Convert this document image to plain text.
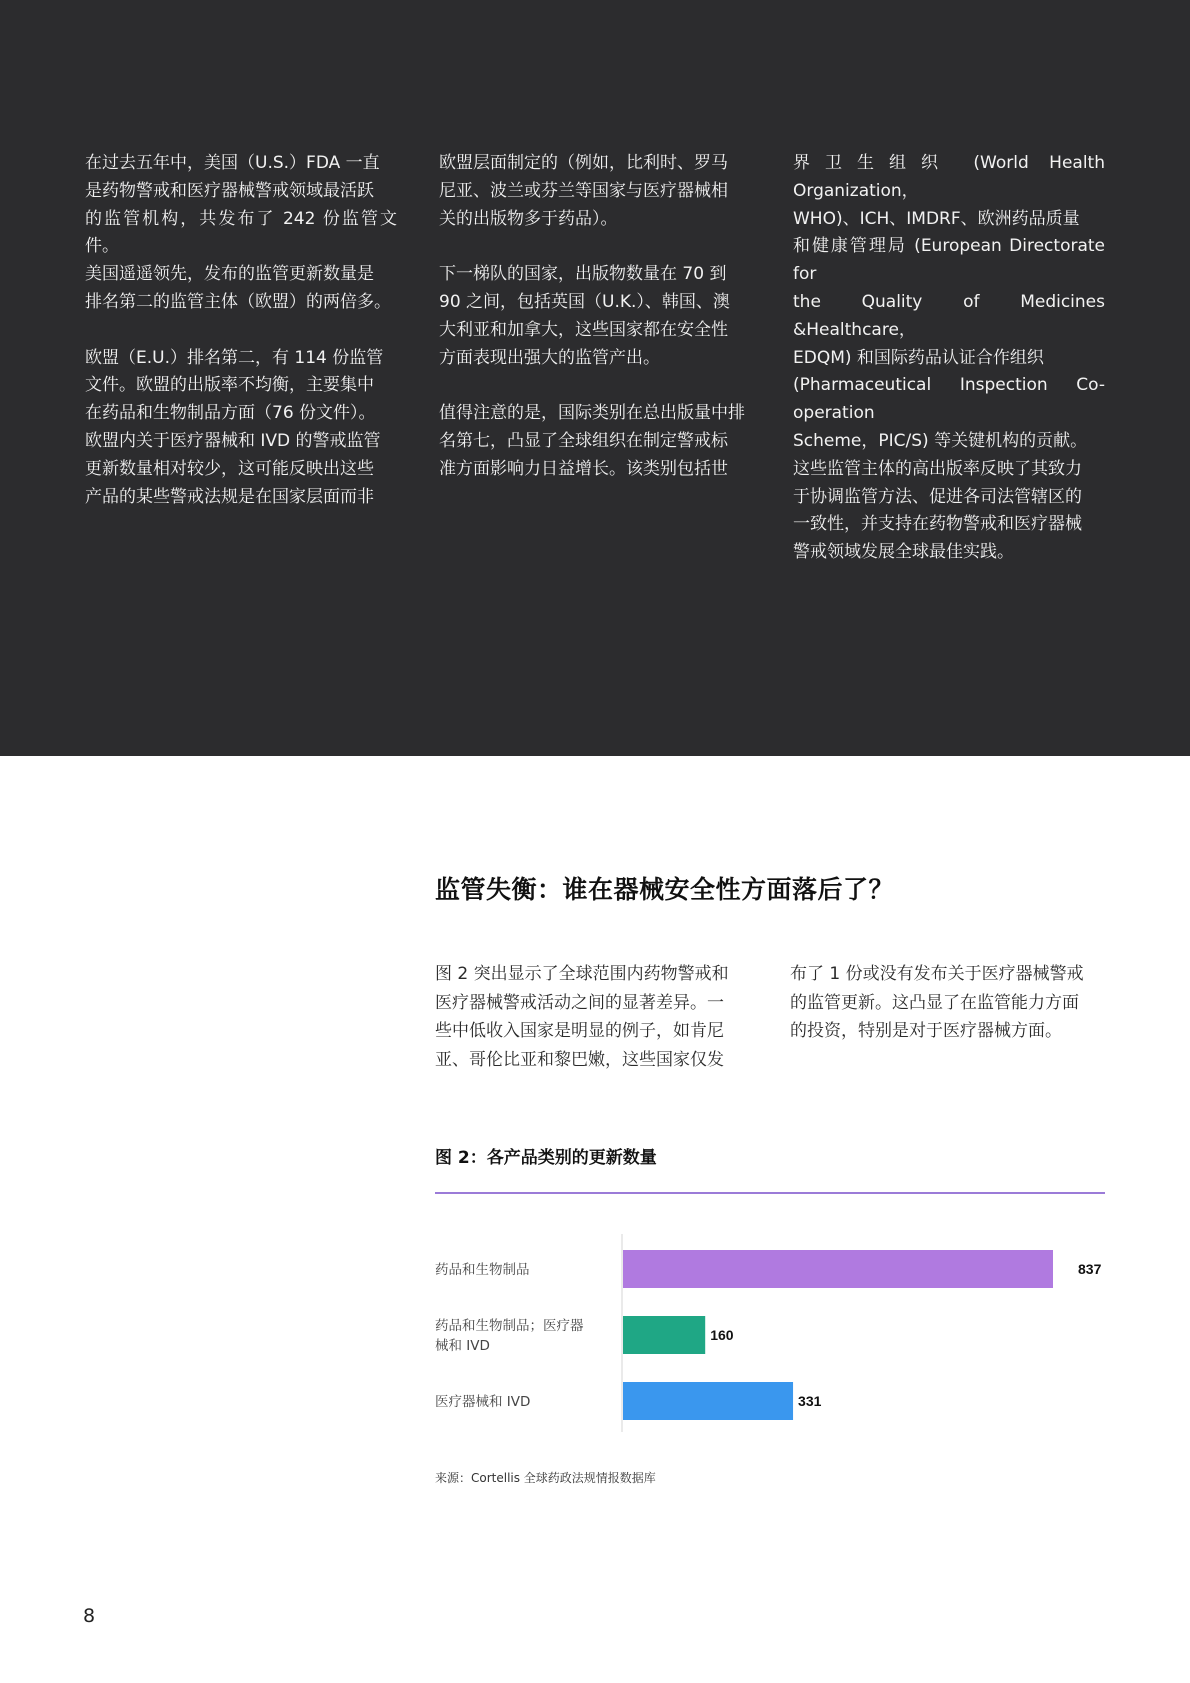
在过去五年中，美国（U.S.）FDA 一直
是药物警戒和医疗器械警戒领域最活跃
的监管机构，共发布了 242 份监管文件。
美国遥遥领先，发布的监管更新数量是
排名第二的监管主体（欧盟）的两倍多。

欧盟（E.U.）排名第二，有 114 份监管
文件。欧盟的出版率不均衡，主要集中
在药品和生物制品方面（76 份文件）。
欧盟内关于医疗器械和 IVD 的警戒监管
更新数量相对较少，这可能反映出这些
产品的某些警戒法规是在国家层面而非

欧盟层面制定的（例如，比利时、罗马
尼亚、波兰或芬兰等国家与医疗器械相
关的出版物多于药品）。

下一梯队的国家，出版物数量在 70 到
90 之间，包括英国（U.K.）、韩国、澳
大利亚和加拿大，这些国家都在安全性
方面表现出强大的监管产出。

值得注意的是，国际类别在总出版量中排
名第七，凸显了全球组织在制定警戒标
准方面影响力日益增长。该类别包括世

界卫生组织 (World Health Organization，
WHO)、ICH、IMDRF、欧洲药品质量
和健康管理局 (European Directorate for
the Quality of Medicines &Healthcare，
EDQM) 和国际药品认证合作组织
(Pharmaceutical Inspection Co-operation
Scheme，PIC/S) 等关键机构的贡献。
这些监管主体的高出版率反映了其致力
于协调监管方法、促进各司法管辖区的
一致性，并支持在药物警戒和医疗器械
警戒领域发展全球最佳实践。

监管失衡：谁在器械安全性方面落后了？

图 2 突出显示了全球范围内药物警戒和
医疗器械警戒活动之间的显著差异。一
些中低收入国家是明显的例子，如肯尼
亚、哥伦比亚和黎巴嫩，这些国家仅发

布了 1 份或没有发布关于医疗器械警戒
的监管更新。这凸显了在监管能力方面
的投资，特别是对于医疗器械方面。

图 2：各产品类别的更新数量
837
药品和生物制品
160
药品和生物制品；医疗器械和 IVD
331
医疗器械和 IVD
来源：Cortellis 全球药政法规情报数据库
8
